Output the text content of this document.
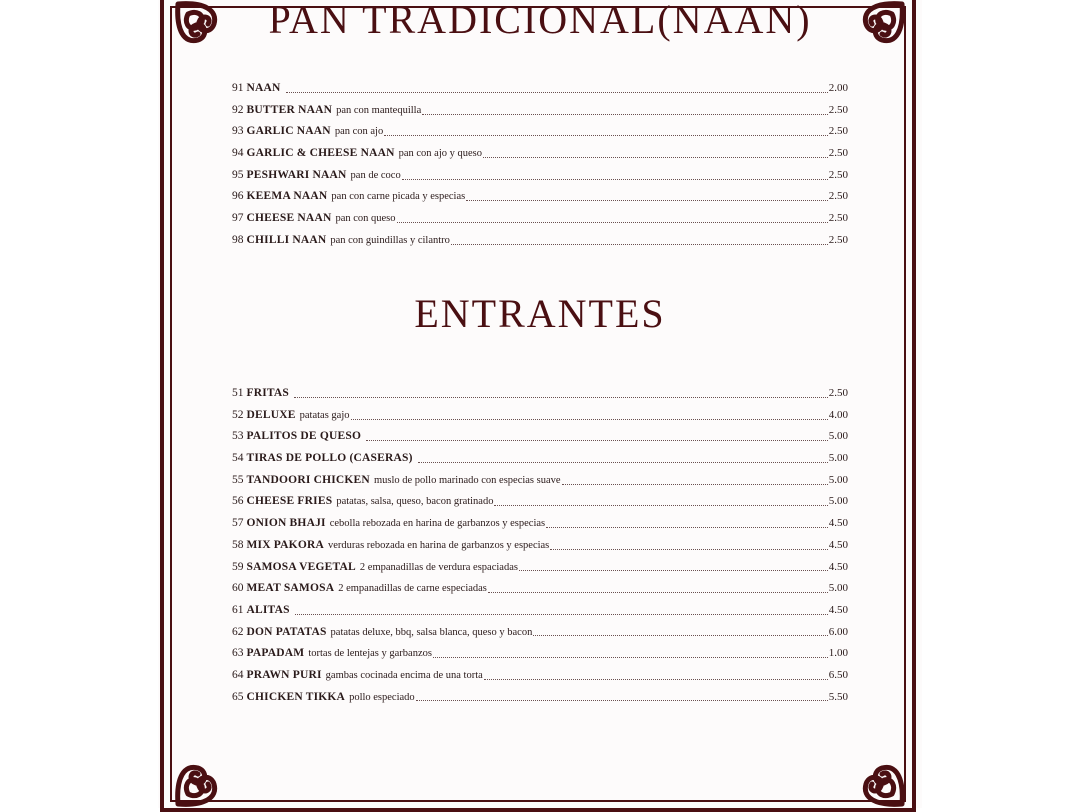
PAN TRADICIONAL(NAAN)
91 NAAN	2.00
92 BUTTER NAAN pan con mantequilla	2.50
93 GARLIC NAAN pan con ajo	2.50
94 GARLIC & CHEESE NAAN pan con ajo y queso	2.50
95 PESHWARI NAAN pan de coco	2.50
96 KEEMA NAAN pan con carne picada y especias	2.50
97 CHEESE NAAN pan con queso	2.50
98 CHILLI NAAN pan con guindillas y cilantro	2.50
ENTRANTES
51 FRITAS	2.50
52 DELUXE patatas gajo	4.00
53 PALITOS DE QUESO	5.00
54 TIRAS DE POLLO (CASERAS)	5.00
55 TANDOORI CHICKEN muslo de pollo marinado con especias suave	5.00
56 CHEESE FRIES patatas, salsa, queso, bacon gratinado	5.00
57 ONION BHAJI cebolla rebozada en harina de garbanzos y especias	4.50
58 MIX PAKORA verduras rebozada en harina de garbanzos y especias	4.50
59 SAMOSA VEGETAL 2 empanadillas de verdura espaciadas	4.50
60 MEAT SAMOSA 2 empanadillas de carne especiadas	5.00
61 ALITAS	4.50
62 DON PATATAS patatas deluxe, bbq, salsa blanca, queso y bacon	6.00
63 PAPADAM tortas de lentejas y garbanzos	1.00
64 PRAWN PURI gambas cocinada encima de una torta	6.50
65 CHICKEN TIKKA pollo especiado	5.50
